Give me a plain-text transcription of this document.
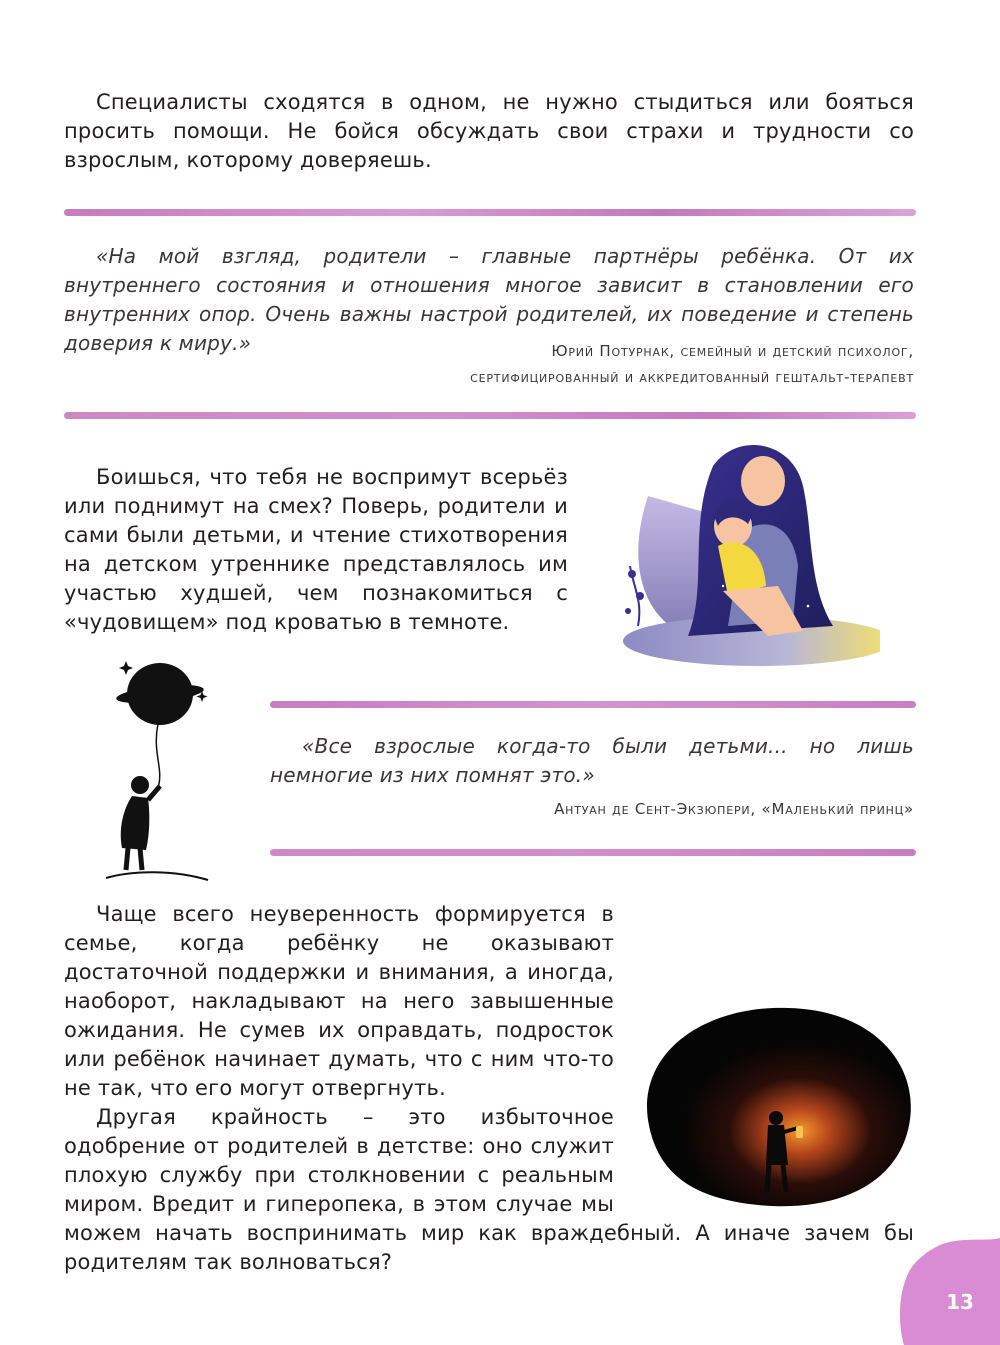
Специалисты сходятся в одном, не нужно стыдиться или бояться просить помощи. Не бойся обсуждать свои страхи и трудности со взрослым, которому доверяешь.

«На мой взгляд, родители – главные партнёры ребёнка. От их внутреннего состояния и отношения многое зависит в становлении его внутренних опор. Очень важны настрой родителей, их поведение и степень доверия к миру.»	Юрий Потурнак, семейный и детский психолог,

сертифицированный и аккредитованный гештальт-терапевт

Боишься, что тебя не воспримут всерьёз или поднимут на смех? Поверь, родители и сами были детьми, и чтение стихотворения на детском утреннике представлялось им участью худшей, чем познакомиться с «чудовищем» под кроватью в темноте.

«Все взрослые когда-то были детьми... но лишь немногие из них помнят это.»

Антуан де Сент-Экзюпери, «Маленький принц»

Чаще всего неуверенность формируется в семье, когда ребёнку не оказывают достаточной поддержки и внимания, а иногда, наоборот, накладывают на него завышенные ожидания. Не сумев их оправдать, подросток или ребёнок начинает думать, что с ним что-то не так, что его могут отвергнуть.

Другая крайность – это избыточное одобрение от родителей в детстве: оно служит плохую службу при столкновении с реальным миром. Вредит и гиперопека, в этом случае мы можем начать воспринимать мир как враждебный. А иначе зачем бы родителям так волноваться?

13
